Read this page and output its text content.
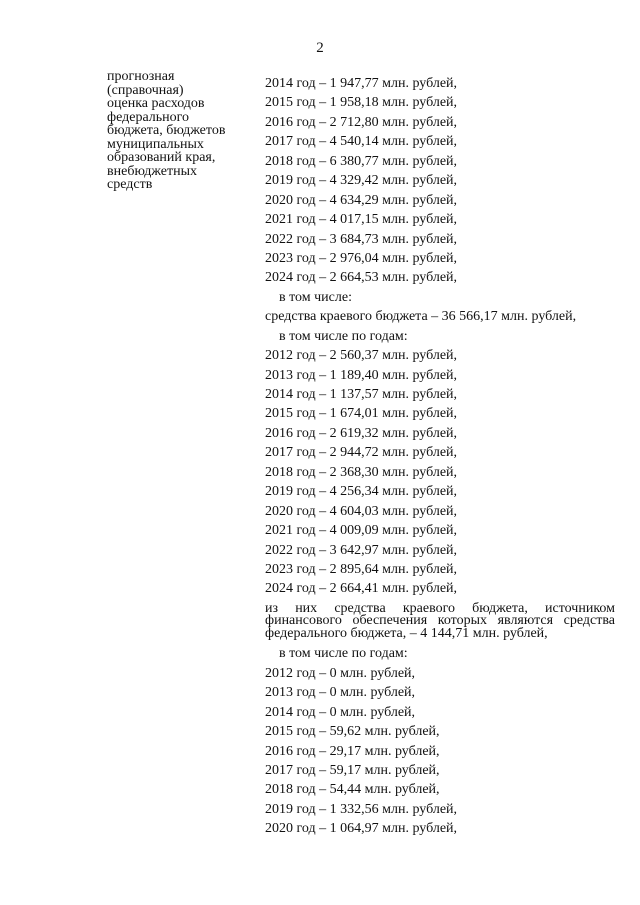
2
прогнозная
(справочная)
оценка расходов
федерального
бюджета, бюджетов
муниципальных
образований края,
внебюджетных
средств
2014 год – 1 947,77 млн. рублей,
2015 год – 1 958,18 млн. рублей,
2016 год – 2 712,80 млн. рублей,
2017 год – 4 540,14 млн. рублей,
2018 год – 6 380,77 млн. рублей,
2019 год – 4 329,42 млн. рублей,
2020 год – 4 634,29 млн. рублей,
2021 год – 4 017,15 млн. рублей,
2022 год – 3 684,73 млн. рублей,
2023 год – 2 976,04 млн. рублей,
2024 год – 2 664,53 млн. рублей,
в том числе:
средства краевого бюджета – 36 566,17 млн. рублей,
в том числе по годам:
2012 год – 2 560,37 млн. рублей,
2013 год – 1 189,40 млн. рублей,
2014 год – 1 137,57 млн. рублей,
2015 год – 1 674,01 млн. рублей,
2016 год – 2 619,32 млн. рублей,
2017 год – 2 944,72 млн. рублей,
2018 год – 2 368,30 млн. рублей,
2019 год – 4 256,34 млн. рублей,
2020 год – 4 604,03 млн. рублей,
2021 год – 4 009,09 млн. рублей,
2022 год – 3 642,97 млн. рублей,
2023 год – 2 895,64 млн. рублей,
2024 год – 2 664,41 млн. рублей,
из них средства краевого бюджета, источником финансового обеспечения которых являются средства федерального бюджета, – 4 144,71 млн. рублей,
в том числе по годам:
2012 год – 0 млн. рублей,
2013 год – 0 млн. рублей,
2014 год – 0 млн. рублей,
2015 год – 59,62 млн. рублей,
2016 год – 29,17 млн. рублей,
2017 год – 59,17 млн. рублей,
2018 год – 54,44 млн. рублей,
2019 год – 1 332,56 млн. рублей,
2020 год – 1 064,97 млн. рублей,
